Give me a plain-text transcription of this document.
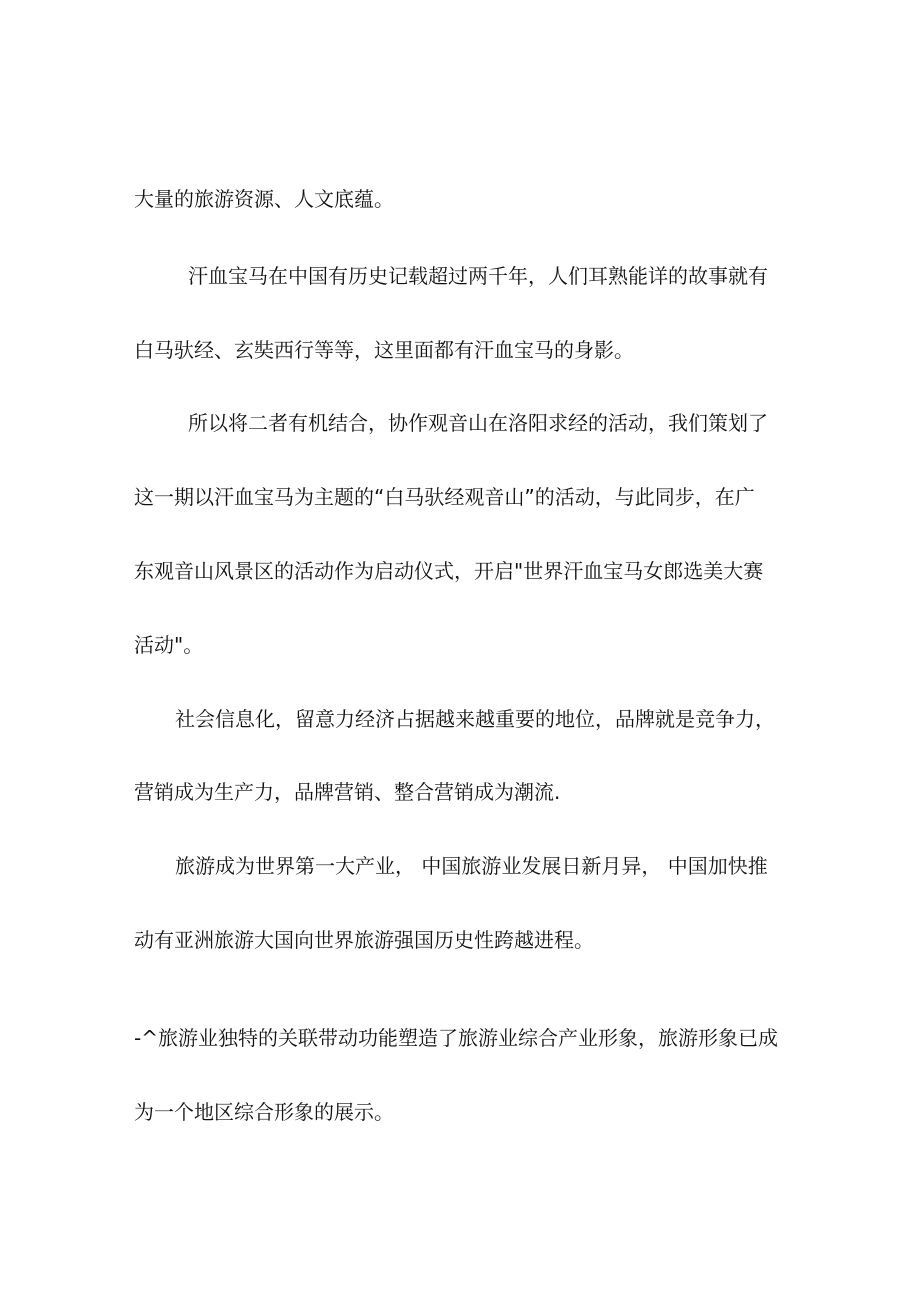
大量的旅游资源、人文底蕴。
汗血宝马在中国有历史记载超过两千年，人们耳熟能详的故事就有
白马驮经、玄奘西行等等，这里面都有汗血宝马的身影。
所以将二者有机结合，协作观音山在洛阳求经的活动，我们策划了
这一期以汗血宝马为主题的“白马驮经观音山”的活动，与此同步，在广
东观音山风景区的活动作为启动仪式，开启"世界汗血宝马女郎选美大赛
活动"。
社会信息化，留意力经济占据越来越重要的地位，品牌就是竞争力，
营销成为生产力，品牌营销、整合营销成为潮流.
旅游成为世界第一大产业， 中国旅游业发展日新月异， 中国加快推
动有亚洲旅游大国向世界旅游强国历史性跨越进程。
-^旅游业独特的关联带动功能塑造了旅游业综合产业形象，旅游形象已成
为一个地区综合形象的展示。
